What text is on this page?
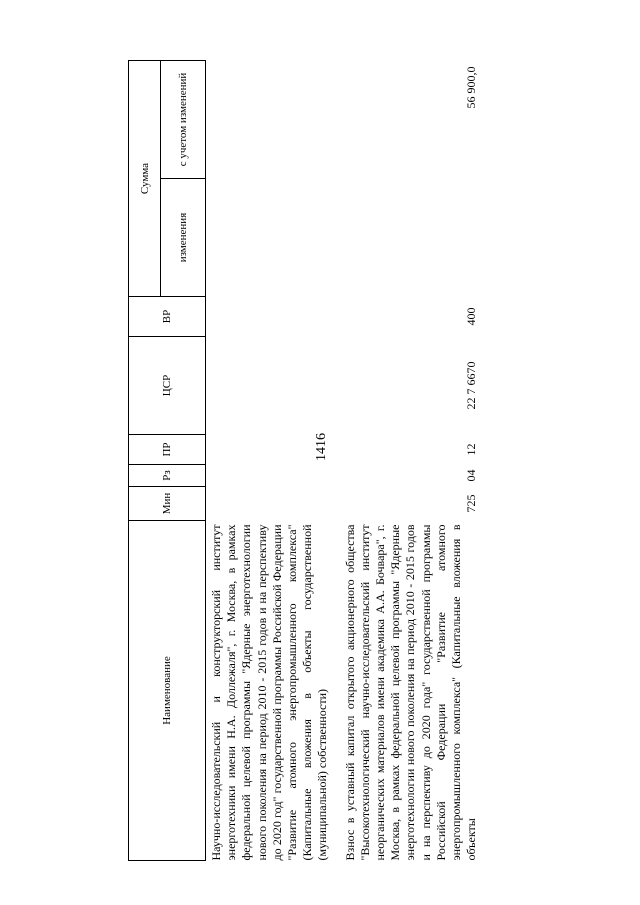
1416
Наименование	Мин	Рз	ПР	ЦСР	ВР	Сумма	
						изменения	с учетом изменений
Научно-исследовательский и конструкторский институт энерготехники имени Н.А. Доллежаля", г. Москва, в рамках федеральной целевой программы "Ядерные энерготехнологии нового поколения на период 2010 - 2015 годов и на перспективу до 2020 год" государственной программы Российской Федерации "Развитие атомного энергопромышленного комплекса" (Капитальные вложения в объекты государственной (муниципальной) собственности)							
Взнос в уставный капитал открытого акционерного общества "Высокотехнологический научно-исследовательский институт неорганических материалов имени академика А.А. Бочвара", г. Москва, в рамках федеральной целевой программы "Ядерные энерготехнологии нового поколения на период 2010 - 2015 годов и на перспективу до 2020 года" государственной программы Российской Федерации "Развитие атомного энергопромышленного комплекса" (Капитальные вложения в объекты	725	04	12	22 7 6670	400		56 900,0
